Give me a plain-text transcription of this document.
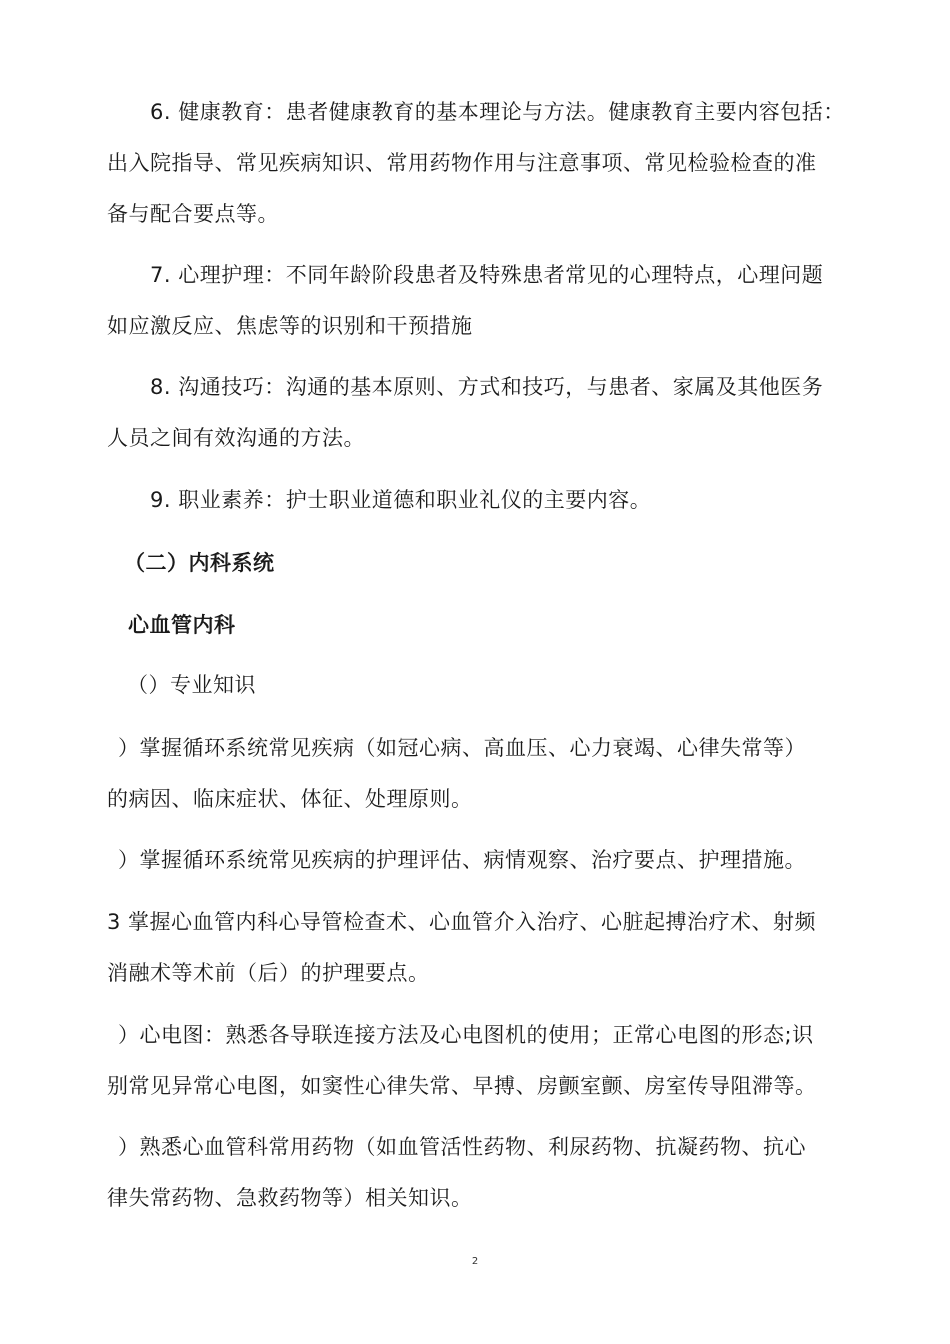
6. 健康教育：患者健康教育的基本理论与方法。健康教育主要内容包括：
出入院指导、常见疾病知识、常用药物作用与注意事项、常见检验检查的准
备与配合要点等。
7. 心理护理：不同年龄阶段患者及特殊患者常见的心理特点，心理问题
如应激反应、焦虑等的识别和干预措施
8. 沟通技巧：沟通的基本原则、方式和技巧，与患者、家属及其他医务
人员之间有效沟通的方法。
9. 职业素养：护士职业道德和职业礼仪的主要内容。
（二）内科系统
心血管内科
（）专业知识
）掌握循环系统常见疾病（如冠心病、高血压、心力衰竭、心律失常等）
的病因、临床症状、体征、处理原则。
）掌握循环系统常见疾病的护理评估、病情观察、治疗要点、护理措施。
3 掌握心血管内科心导管检查术、心血管介入治疗、心脏起搏治疗术、射频
消融术等术前（后）的护理要点。
）心电图：熟悉各导联连接方法及心电图机的使用；正常心电图的形态;识
别常见异常心电图，如窦性心律失常、早搏、房颤室颤、房室传导阻滞等。
）熟悉心血管科常用药物（如血管活性药物、利尿药物、抗凝药物、抗心
律失常药物、急救药物等）相关知识。
2
